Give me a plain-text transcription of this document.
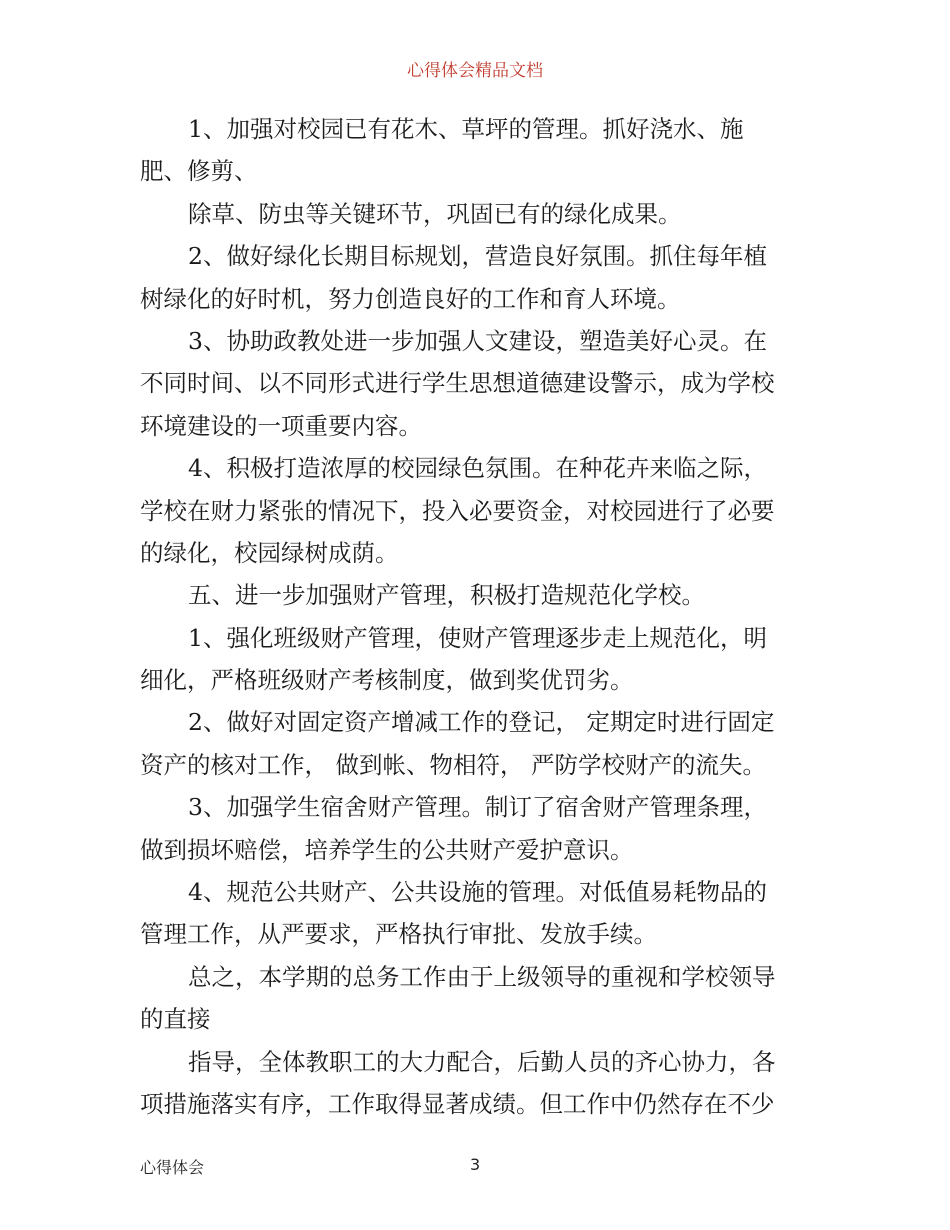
心得体会精品文档
1、加强对校园已有花木、草坪的管理。抓好浇水、施
肥、修剪、
除草、防虫等关键环节，巩固已有的绿化成果。
2、做好绿化长期目标规划，营造良好氛围。抓住每年植
树绿化的好时机，努力创造良好的工作和育人环境。
3、协助政教处进一步加强人文建设，塑造美好心灵。在
不同时间、以不同形式进行学生思想道德建设警示，成为学校
环境建设的一项重要内容。
4、积极打造浓厚的校园绿色氛围。在种花卉来临之际，
学校在财力紧张的情况下，投入必要资金，对校园进行了必要
的绿化，校园绿树成荫。
五、进一步加强财产管理，积极打造规范化学校。
1、强化班级财产管理，使财产管理逐步走上规范化，明
细化，严格班级财产考核制度，做到奖优罚劣。
2、做好对固定资产增减工作的登记， 定期定时进行固定
资产的核对工作， 做到帐、物相符， 严防学校财产的流失。
3、加强学生宿舍财产管理。制订了宿舍财产管理条理，
做到损坏赔偿，培养学生的公共财产爱护意识。
4、规范公共财产、公共设施的管理。对低值易耗物品的
管理工作，从严要求，严格执行审批、发放手续。
总之，本学期的总务工作由于上级领导的重视和学校领导
的直接
指导，全体教职工的大力配合，后勤人员的齐心协力，各
项措施落实有序，工作取得显著成绩。但工作中仍然存在不少
心得体会	3
